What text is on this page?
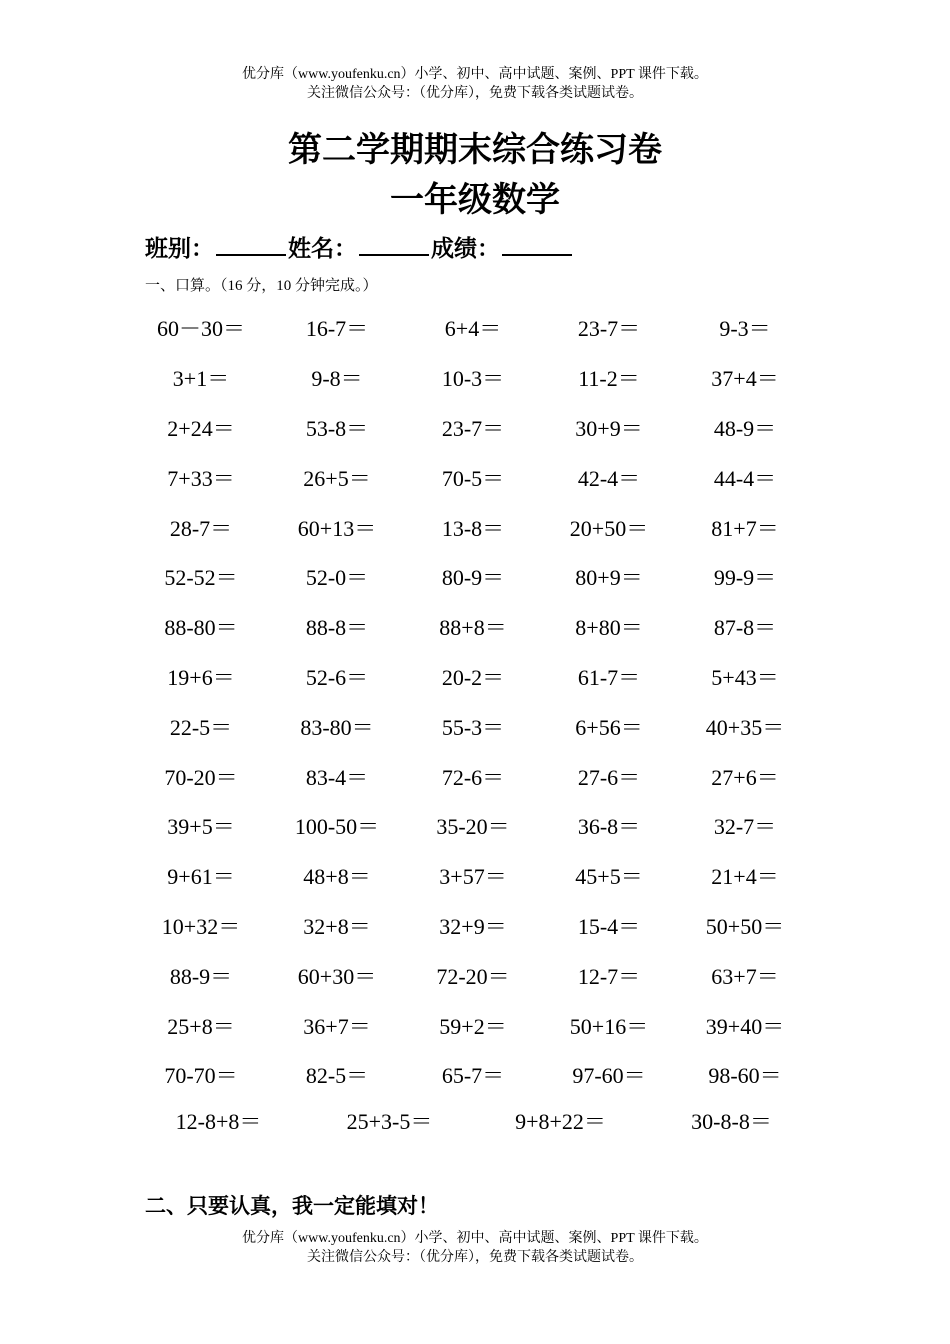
优分库（www.youfenku.cn）小学、初中、高中试题、案例、PPT 课件下载。
关注微信公众号：（优分库），免费下载各类试题试卷。
第二学期期末综合练习卷
一年级数学
班别：	姓名：	成绩：
一、口算。（16 分，10 分钟完成。）
60－30＝	16-7＝	6+4＝	23-7＝	9-3＝
3+1＝	9-8＝	10-3＝	11-2＝	37+4＝
2+24＝	53-8＝	23-7＝	30+9＝	48-9＝
7+33＝	26+5＝	70-5＝	42-4＝	44-4＝
28-7＝	60+13＝	13-8＝	20+50＝	81+7＝
52-52＝	52-0＝	80-9＝	80+9＝	99-9＝
88-80＝	88-8＝	88+8＝	8+80＝	87-8＝
19+6＝	52-6＝	20-2＝	61-7＝	5+43＝
22-5＝	83-80＝	55-3＝	6+56＝	40+35＝
70-20＝	83-4＝	72-6＝	27-6＝	27+6＝
39+5＝	100-50＝	35-20＝	36-8＝	32-7＝
9+61＝	48+8＝	3+57＝	45+5＝	21+4＝
10+32＝	32+8＝	32+9＝	15-4＝	50+50＝
88-9＝	60+30＝	72-20＝	12-7＝	63+7＝
25+8＝	36+7＝	59+2＝	50+16＝	39+40＝
70-70＝	82-5＝	65-7＝	97-60＝	98-60＝
12-8+8＝	25+3-5＝	9+8+22＝	30-8-8＝
二、只要认真，我一定能填对！
优分库（www.youfenku.cn）小学、初中、高中试题、案例、PPT 课件下载。
关注微信公众号：（优分库），免费下载各类试题试卷。
